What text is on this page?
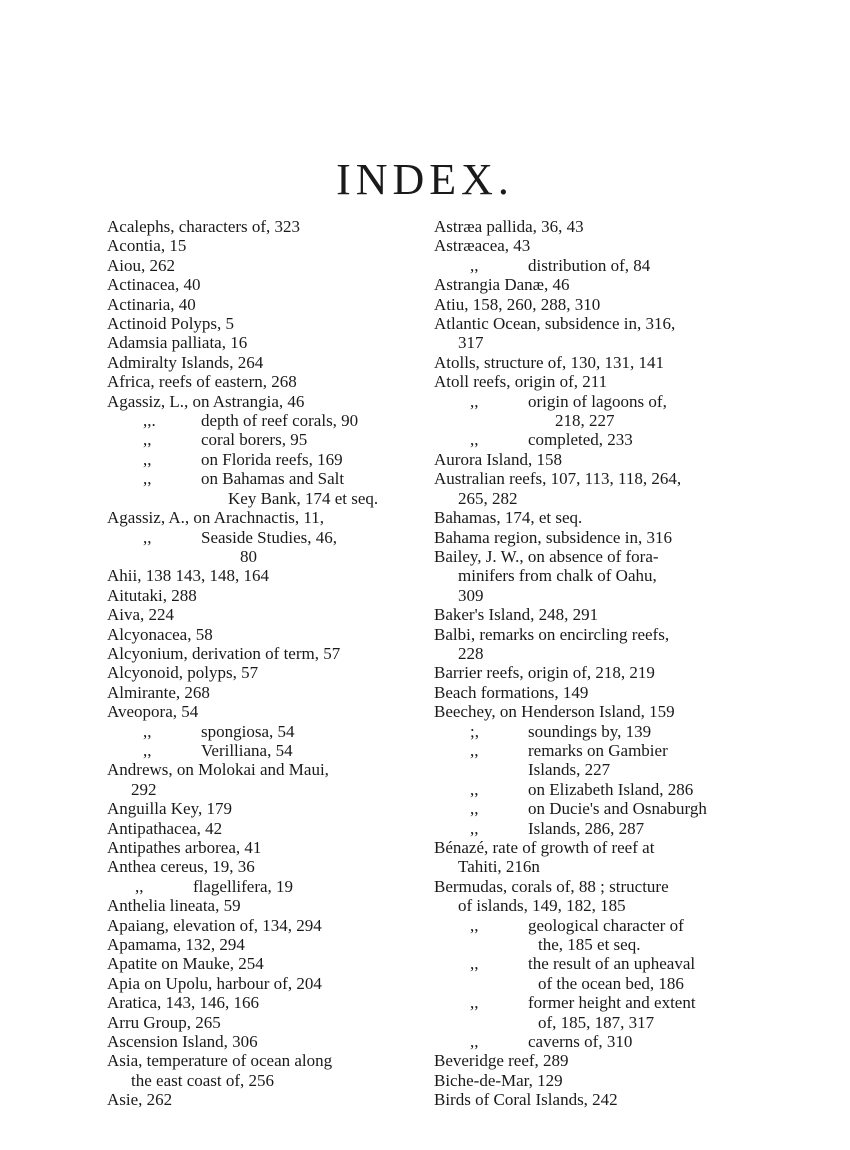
INDEX.
Acalephs, characters of, 323
Acontia, 15
Aiou, 262
Actinacea, 40
Actinaria, 40
Actinoid Polyps, 5
Adamsia palliata, 16
Admiralty Islands, 264
Africa, reefs of eastern, 268
Agassiz, L., on Astrangia, 46
,,.	depth of reef corals, 90
,,	coral borers, 95
,,	on Florida reefs, 169
,,	on Bahamas and Salt
Key Bank, 174 et seq.
Agassiz, A., on Arachnactis, 11,
,,	Seaside Studies, 46,
80
Ahii, 138 143, 148, 164
Aitutaki, 288
Aiva, 224
Alcyonacea, 58
Alcyonium, derivation of term, 57
Alcyonoid, polyps, 57
Almirante, 268
Aveopora, 54
,,	spongiosa, 54
,,	Verilliana, 54
Andrews, on Molokai and Maui,
292
Anguilla Key, 179
Antipathacea, 42
Antipathes arborea, 41
Anthea cereus, 19, 36
,,	flagellifera, 19
Anthelia lineata, 59
Apaiang, elevation of, 134, 294
Apamama, 132, 294
Apatite on Mauke, 254
Apia on Upolu, harbour of, 204
Aratica, 143, 146, 166
Arru Group, 265
Ascension Island, 306
Asia, temperature of ocean along
the east coast of, 256
Asie, 262
Astræa pallida, 36, 43
Astræacea, 43
,,	distribution of, 84
Astrangia Danæ, 46
Atiu, 158, 260, 288, 310
Atlantic Ocean, subsidence in, 316,
317
Atolls, structure of, 130, 131, 141
Atoll reefs, origin of, 211
,,	origin of lagoons of,
218, 227
,,	completed, 233
Aurora Island, 158
Australian reefs, 107, 113, 118, 264,
265, 282
Bahamas, 174, et seq.
Bahama region, subsidence in, 316
Bailey, J. W., on absence of fora-
minifers from chalk of Oahu,
309
Baker's Island, 248, 291
Balbi, remarks on encircling reefs,
228
Barrier reefs, origin of, 218, 219
Beach formations, 149
Beechey, on Henderson Island, 159
;,	soundings by, 139
,,	remarks on Gambier
Islands, 227
,,	on Elizabeth Island, 286
,,	on Ducie's and Osnaburgh
,,	Islands, 286, 287
Bénazé, rate of growth of reef at
Tahiti, 216n
Bermudas, corals of, 88 ; structure
of islands, 149, 182, 185
,,	geological character of
the, 185 et seq.
,,	the result of an upheaval
of the ocean bed, 186
,,	former height and extent
of, 185, 187, 317
,,	caverns of, 310
Beveridge reef, 289
Biche-de-Mar, 129
Birds of Coral Islands, 242
